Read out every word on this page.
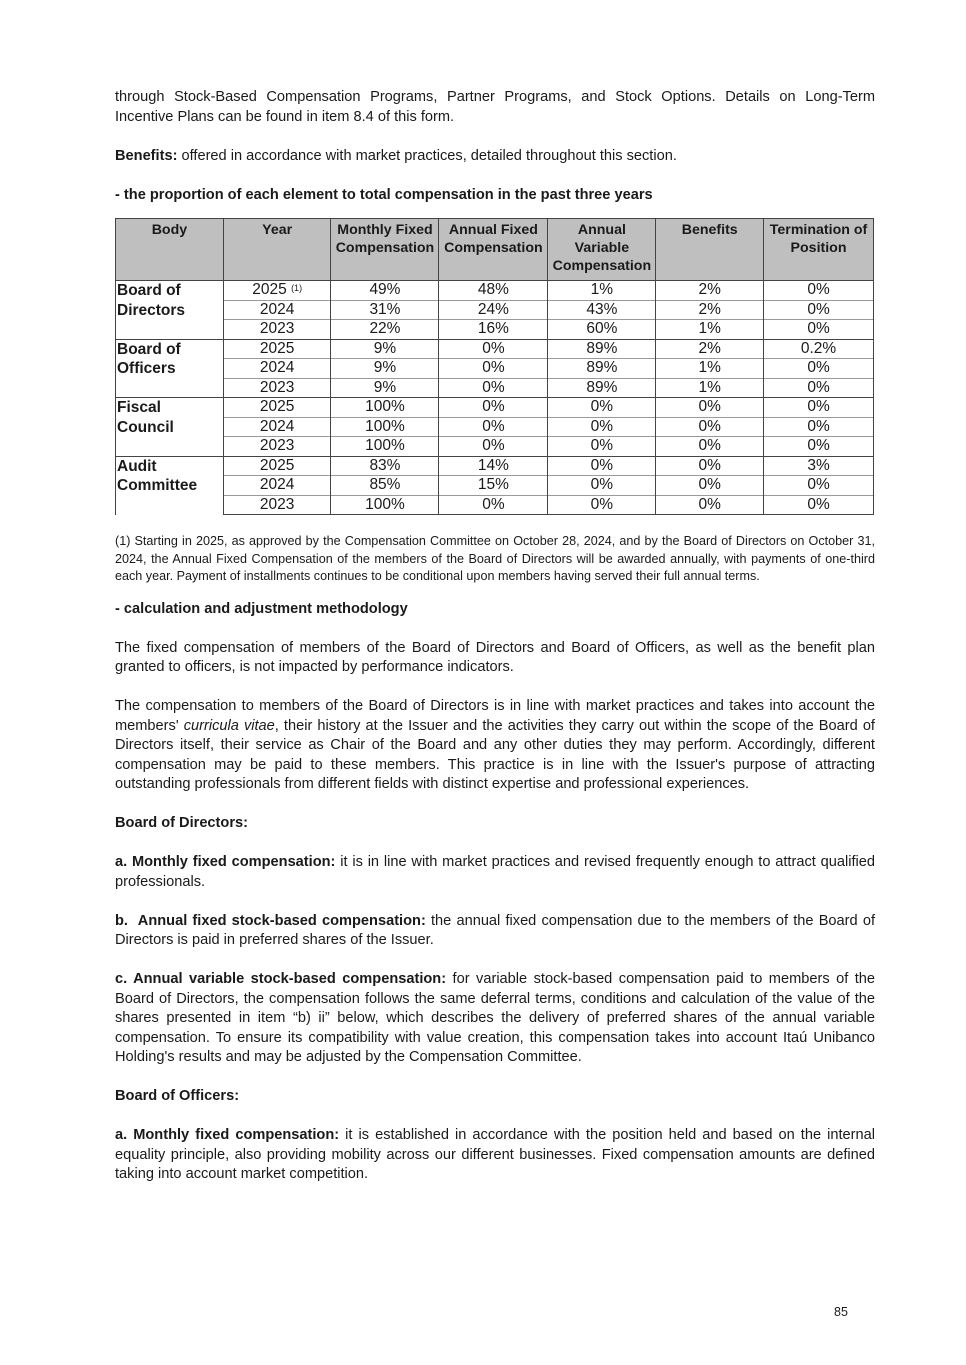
through Stock-Based Compensation Programs, Partner Programs, and Stock Options. Details on Long-Term Incentive Plans can be found in item 8.4 of this form.

Benefits: offered in accordance with market practices, detailed throughout this section.

- the proportion of each element to total compensation in the past three years

Body	Year	Monthly Fixed Compensation	Annual Fixed Compensation	Annual Variable Compensation	Benefits	Termination of Position
Board of Directors	2025 $^{(1)}$	49%	48%	1%	2%	0%
	2024	31%	24%	43%	2%	0%
	2023	22%	16%	60%	1%	0%
Board of Officers	2025	9%	0%	89%	2%	0.2%
	2024	9%	0%	89%	1%	0%
	2023	9%	0%	89%	1%	0%
Fiscal Council	2025	100%	0%	0%	0%	0%
	2024	100%	0%	0%	0%	0%
	2023	100%	0%	0%	0%	0%
Audit Committee	2025	83%	14%	0%	0%	3%
	2024	85%	15%	0%	0%	0%
	2023	100%	0%	0%	0%	0%

(1) Starting in 2025, as approved by the Compensation Committee on October 28, 2024, and by the Board of Directors on October 31, 2024, the Annual Fixed Compensation of the members of the Board of Directors will be awarded annually, with payments of one-third each year. Payment of installments continues to be conditional upon members having served their full annual terms.

- calculation and adjustment methodology

The fixed compensation of members of the Board of Directors and Board of Officers, as well as the benefit plan granted to officers, is not impacted by performance indicators.

The compensation to members of the Board of Directors is in line with market practices and takes into account the members' curricula vitae, their history at the Issuer and the activities they carry out within the scope of the Board of Directors itself, their service as Chair of the Board and any other duties they may perform. Accordingly, different compensation may be paid to these members. This practice is in line with the Issuer's purpose of attracting outstanding professionals from different fields with distinct expertise and professional experiences.

Board of Directors:

a. Monthly fixed compensation: it is in line with market practices and revised frequently enough to attract qualified professionals.

b.  Annual fixed stock-based compensation: the annual fixed compensation due to the members of the Board of Directors is paid in preferred shares of the Issuer.

c. Annual variable stock-based compensation: for variable stock-based compensation paid to members of the Board of Directors, the compensation follows the same deferral terms, conditions and calculation of the value of the shares presented in item “b) ii” below, which describes the delivery of preferred shares of the annual variable compensation. To ensure its compatibility with value creation, this compensation takes into account Itaú Unibanco Holding's results and may be adjusted by the Compensation Committee.

Board of Officers:

a. Monthly fixed compensation: it is established in accordance with the position held and based on the internal equality principle, also providing mobility across our different businesses. Fixed compensation amounts are defined taking into account market competition.

85
